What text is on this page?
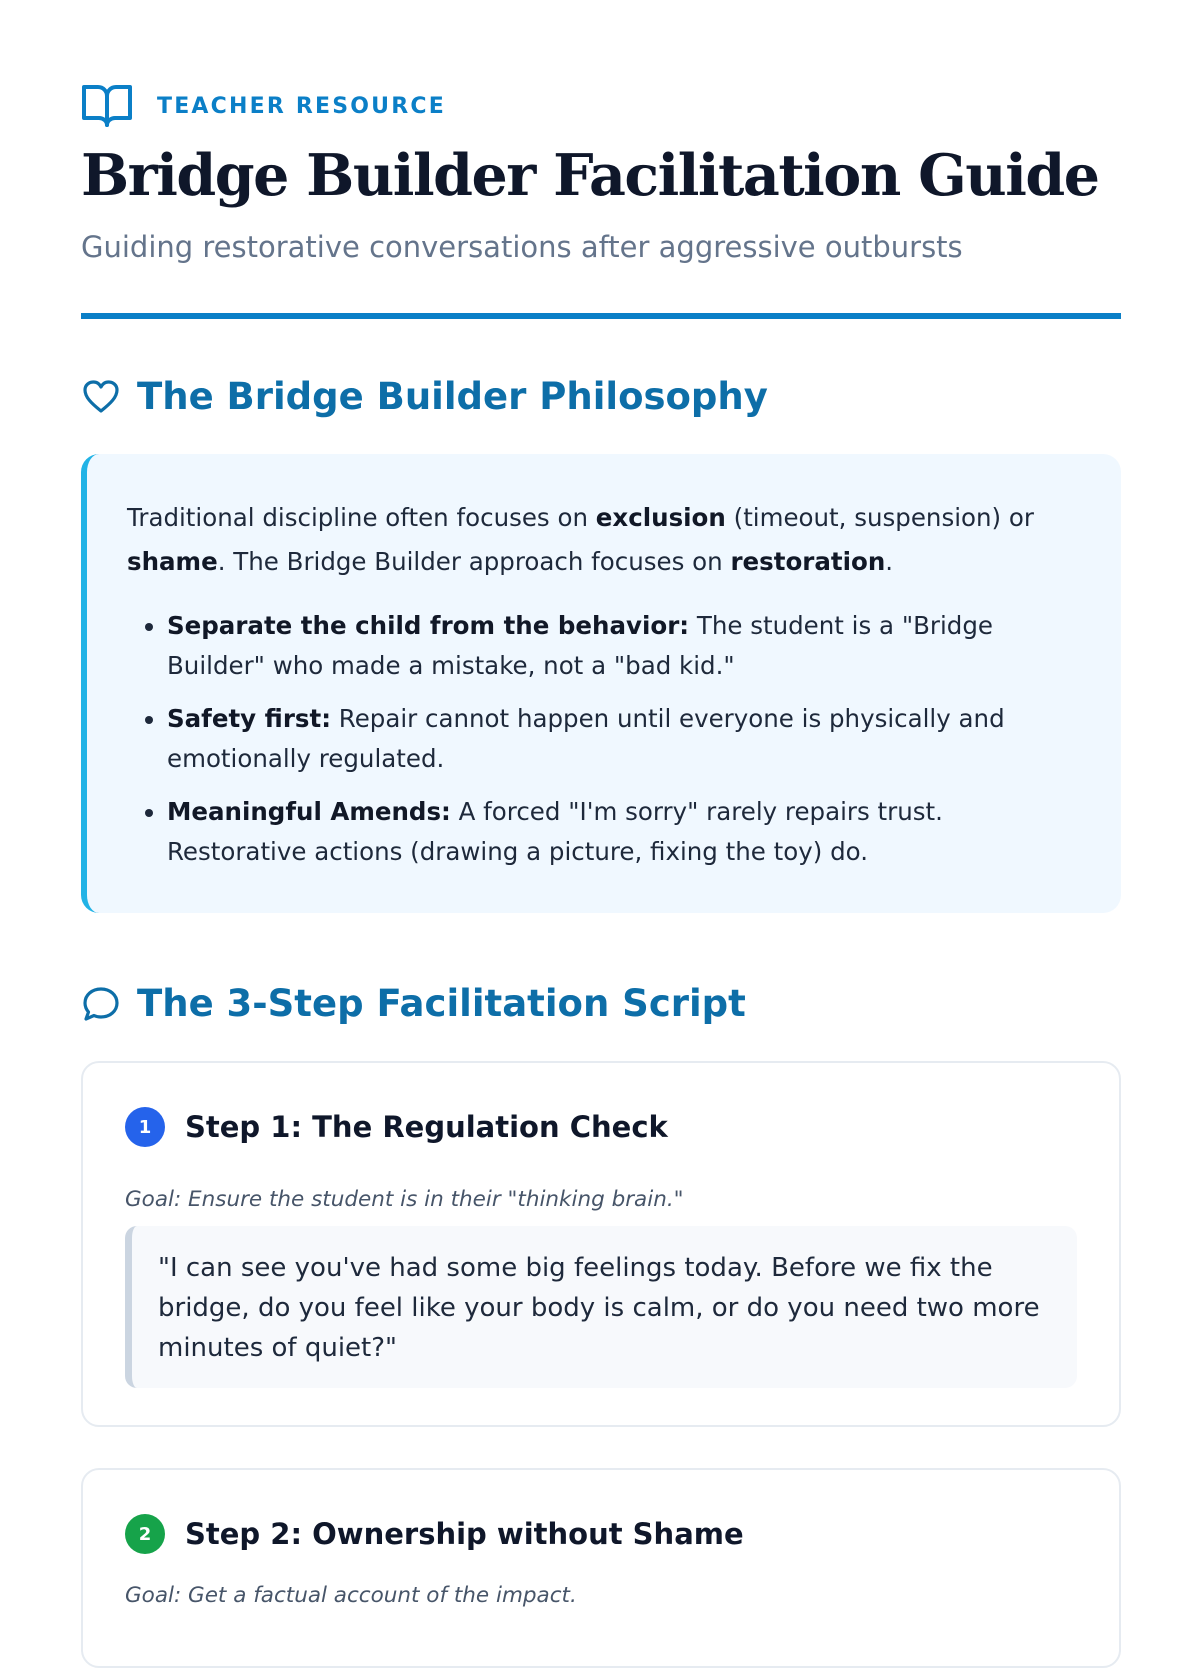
TEACHER RESOURCE
Bridge Builder Facilitation Guide

Guiding restorative conversations after aggressive outbursts

The Bridge Builder Philosophy

Traditional discipline often focuses on exclusion (timeout, suspension) or shame. The Bridge Builder approach focuses on restoration.

• Separate the child from the behavior: The student is a "Bridge Builder" who made a mistake, not a "bad kid."
• Safety first: Repair cannot happen until everyone is physically and emotionally regulated.
• Meaningful Amends: A forced "I'm sorry" rarely repairs trust. Restorative actions (drawing a picture, fixing the toy) do.
The 3-Step Facilitation Script
1	Step 1: The Regulation Check

Goal: Ensure the student is in their "thinking brain."

"I can see you've had some big feelings today. Before we fix the bridge, do you feel like your body is calm, or do you need two more minutes of quiet?"
2	Step 2: Ownership without Shame

Goal: Get a factual account of the impact.
